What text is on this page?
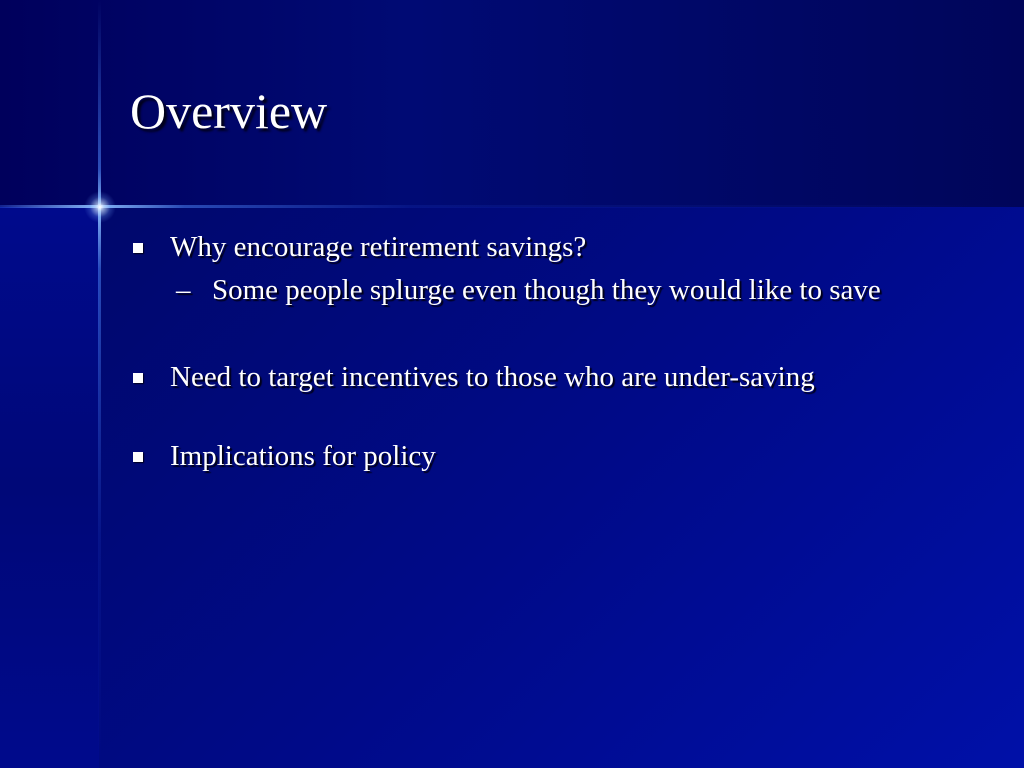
Overview
Why encourage retirement savings?
– Some people splurge even though they would like to save
Need to target incentives to those who are under-saving
Implications for policy
